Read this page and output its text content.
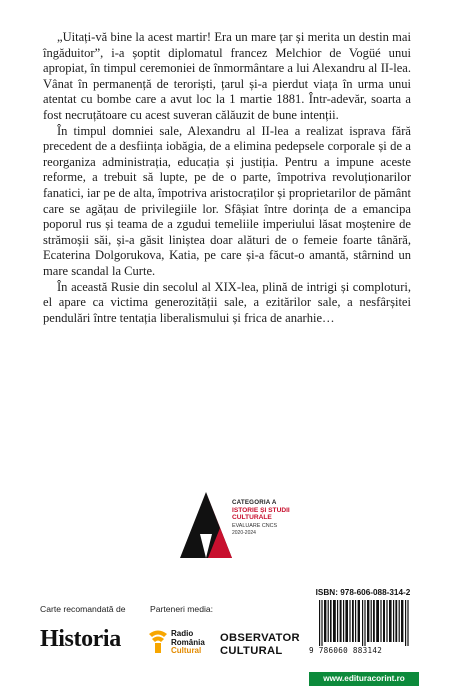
„Uitați-vă bine la acest martir! Era un mare țar și merita un destin mai îngăduitor”, i-a șoptit diplomatul francez Melchior de Vogüé unui apropiat, în timpul ceremoniei de înmormântare a lui Alexandru al II-lea. Vânat în permanență de teroriști, țarul și-a pierdut viața în urma unui atentat cu bombe care a avut loc la 1 martie 1881. Într-adevăr, soarta a fost necruțătoare cu acest suveran călăuzit de bune intenții.

În timpul domniei sale, Alexandru al II-lea a realizat isprava fără precedent de a desființa iobăgia, de a elimina pedepsele corporale și de a reorganiza administrația, educația și justiția. Pentru a impune aceste reforme, a trebuit să lupte, pe de o parte, împotriva revoluționarilor fanatici, iar pe de alta, împotriva aristocraților și proprietarilor de pământ care se agățau de privilegiile lor. Sfâșiat între dorința de a emancipa poporul rus și teama de a zgudui temeliile imperiului lăsat moștenire de strămoșii săi, și-a găsit liniștea doar alături de o femeie foarte tânără, Ecaterina Dolgorukova, Katia, pe care și-a făcut-o amantă, stârnind un mare scandal la Curte.

În această Rusie din secolul al XIX-lea, plină de intrigi și comploturi, el apare ca victima generozității sale, a ezitărilor sale, a nesfârșitei pendulări între tentația liberalismului și frica de anarhie…

CATEGORIA A
ISTORIE ȘI STUDII
CULTURALE
EVALUARE CNCS
2020-2024
Carte recomandată de
Historia
Parteneri media:
Radio
România
Cultural
OBSERVATOR
CULTURAL
ISBN: 978-606-088-314-2
9 786060 883142
www.edituracorint.ro
